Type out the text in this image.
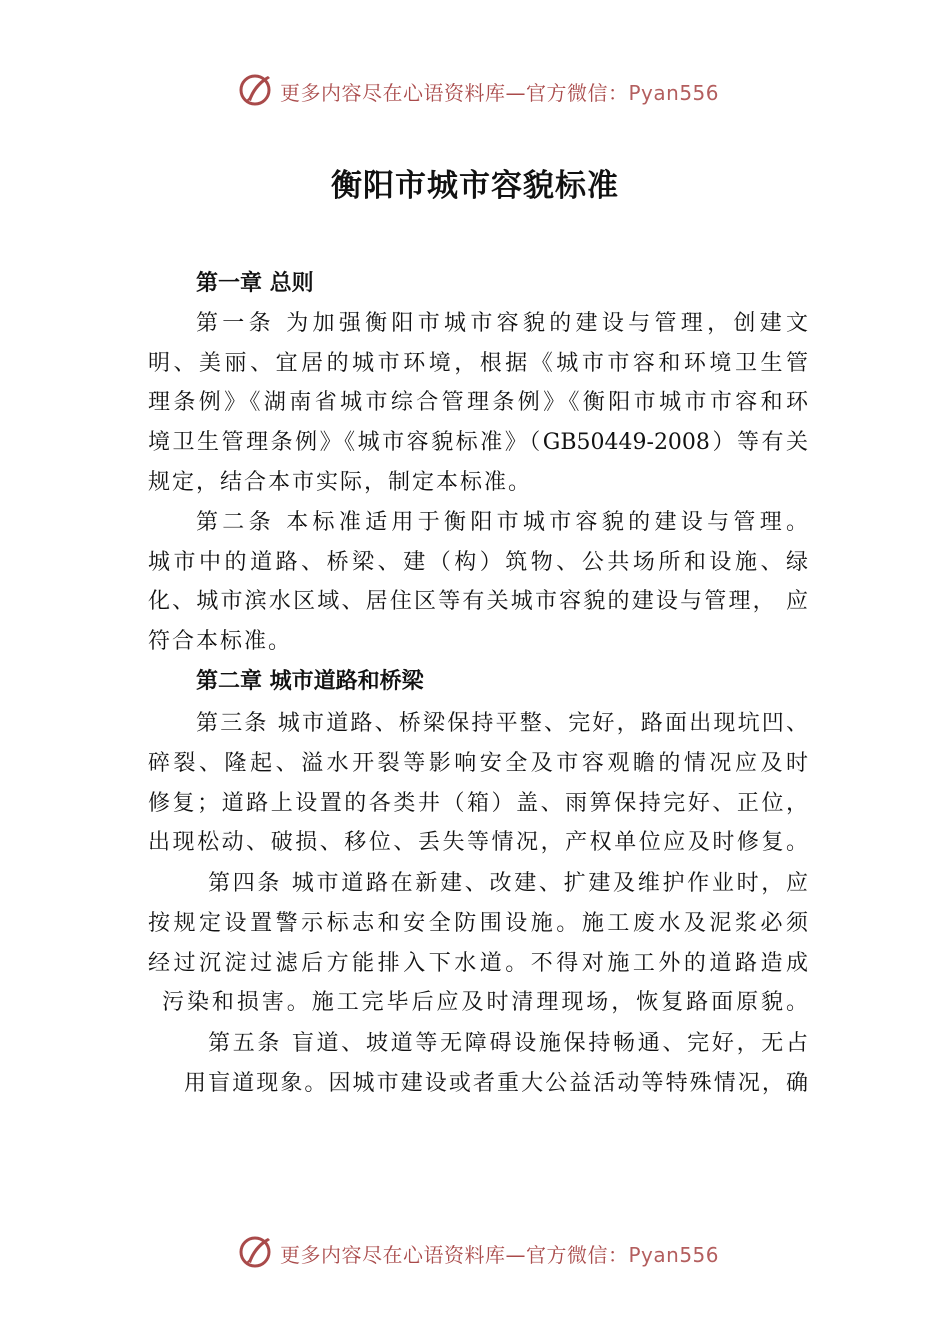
更多内容尽在心语资料库—官方微信：Pyan556
衡阳市城市容貌标准
第一章 总则
第一条 为加强衡阳市城市容貌的建设与管理，创建文
明、美丽、宜居的城市环境，根据《城市市容和环境卫生管
理条例》《湖南省城市综合管理条例》《衡阳市城市市容和环
境卫生管理条例》《城市容貌标准》（GB50449-2008）等有关
规定，结合本市实际，制定本标准。
第二条 本标准适用于衡阳市城市容貌的建设与管理。
城市中的道路、桥梁、建（构）筑物、公共场所和设施、绿
化、城市滨水区域、居住区等有关城市容貌的建设与管理， 应
符合本标准。
第二章 城市道路和桥梁
第三条 城市道路、桥梁保持平整、完好，路面出现坑凹、
碎裂、隆起、溢水开裂等影响安全及市容观瞻的情况应及时
修复；道路上设置的各类井（箱）盖、雨箅保持完好、正位，
出现松动、破损、移位、丢失等情况，产权单位应及时修复。
第四条 城市道路在新建、改建、扩建及维护作业时，应
按规定设置警示标志和安全防围设施。施工废水及泥浆必须
经过沉淀过滤后方能排入下水道。不得对施工外的道路造成
污染和损害。施工完毕后应及时清理现场，恢复路面原貌。
第五条 盲道、坡道等无障碍设施保持畅通、完好，无占
用盲道现象。因城市建设或者重大公益活动等特殊情况，确
更多内容尽在心语资料库—官方微信：Pyan556
